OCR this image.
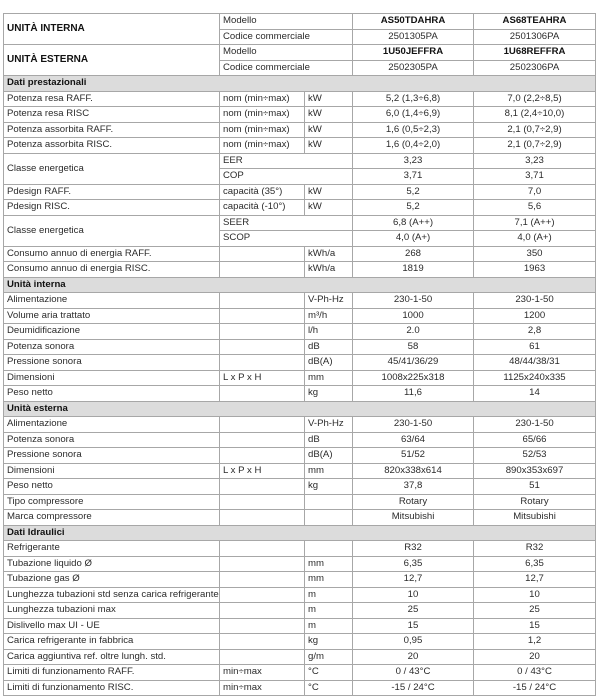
UNITÀ INTERNA	Modello		AS50TDAHRA	AS68TEAHRA
	Codice commerciale		2501305PA	2501306PA
UNITÀ ESTERNA	Modello		1U50JEFFRA	1U68REFFRA
	Codice commerciale		2502305PA	2502306PA
Dati prestazionali				
Potenza resa RAFF.	nom (min÷max)	kW	5,2 (1,3÷6,8)	7,0 (2,2÷8,5)
Potenza resa RISC	nom (min÷max)	kW	6,0 (1,4÷6,9)	8,1 (2,4÷10,0)
Potenza assorbita RAFF.	nom (min÷max)	kW	1,6 (0,5÷2,3)	2,1 (0,7÷2,9)
Potenza assorbita RISC.	nom (min÷max)	kW	1,6 (0,4÷2,0)	2,1 (0,7÷2,9)
Classe energetica	EER		3,23	3,23
	COP		3,71	3,71
Pdesign RAFF.	capacità (35°)	kW	5,2	7,0
Pdesign RISC.	capacità (-10°)	kW	5,2	5,6
Classe energetica	SEER		6,8 (A++)	7,1 (A++)
	SCOP		4,0 (A+)	4,0 (A+)
Consumo annuo di energia RAFF.		kWh/a	268	350
Consumo annuo di energia RISC.		kWh/a	1819	1963
Unità interna				
Alimentazione		V-Ph-Hz	230-1-50	230-1-50
Volume aria trattato		m³/h	1000	1200
Deumidificazione		l/h	2.0	2,8
Potenza sonora		dB	58	61
Pressione sonora		dB(A)	45/41/36/29	48/44/38/31
Dimensioni	L x P x H	mm	1008x225x318	1125x240x335
Peso netto		kg	11,6	14
Unità esterna				
Alimentazione		V-Ph-Hz	230-1-50	230-1-50
Potenza sonora		dB	63/64	65/66
Pressione sonora		dB(A)	51/52	52/53
Dimensioni	L x P x H	mm	820x338x614	890x353x697
Peso netto		kg	37,8	51
Tipo compressore			Rotary	Rotary
Marca compressore			Mitsubishi	Mitsubishi
Dati Idraulici				
Refrigerante			R32	R32
Tubazione liquido Ø		mm	6,35	6,35
Tubazione gas Ø		mm	12,7	12,7
Lunghezza tubazioni std senza carica refrigerante		m	10	10
Lunghezza tubazioni max		m	25	25
Dislivello max UI - UE		m	15	15
Carica refrigerante in fabbrica		kg	0,95	1,2
Carica aggiuntiva ref. oltre lungh. std.		g/m	20	20
Limiti di funzionamento RAFF.	min÷max	°C	0 / 43°C	0 / 43°C
Limiti di funzionamento RISC.	min÷max	°C	-15 / 24°C	-15 / 24°C
